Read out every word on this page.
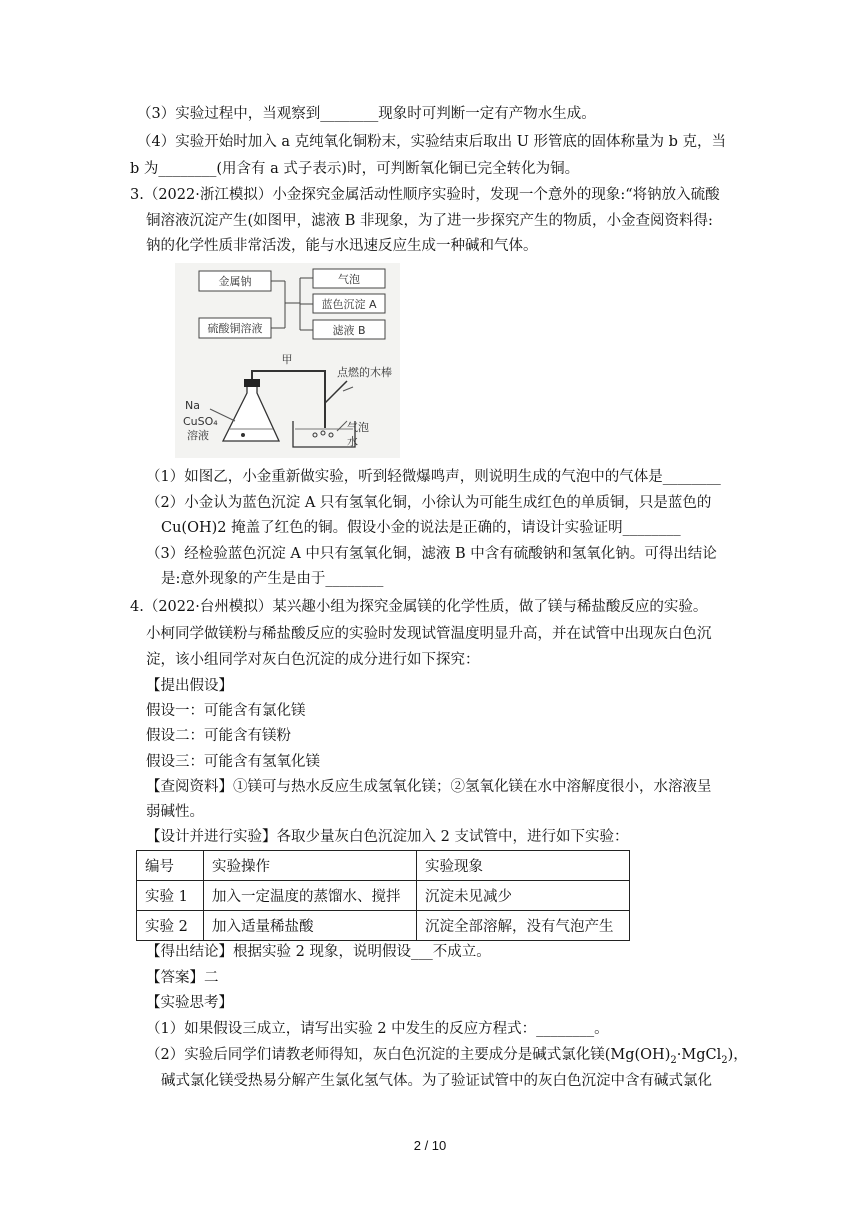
（3）实验过程中，当观察到________现象时可判断一定有产物水生成。
（4）实验开始时加入 a 克纯氧化铜粉末，实验结束后取出 U 形管底的固体称量为 b 克，当
b 为________(用含有 a 式子表示)时，可判断氧化铜已完全转化为铜。
3.（2022·浙江模拟）小金探究金属活动性顺序实验时，发现一个意外的现象:“将钠放入硫酸
铜溶液沉淀产生(如图甲，滤液 B 非现象，为了进一步探究产生的物质，小金查阅资料得:
钠的化学性质非常活泼，能与水迅速反应生成一种碱和气体。
金属钠
硫酸铜溶液
气泡
蓝色沉淀 A
滤液 B
甲
Na
CuSO₄
溶液
点燃的木棒
气泡
水
（1）如图乙，小金重新做实验，听到轻微爆鸣声，则说明生成的气泡中的气体是________
（2）小金认为蓝色沉淀 A 只有氢氧化铜，小徐认为可能生成红色的单质铜，只是蓝色的
Cu(OH)2 掩盖了红色的铜。假设小金的说法是正确的，请设计实验证明________
（3）经检验蓝色沉淀 A 中只有氢氧化铜，滤液 B 中含有硫酸钠和氢氧化钠。可得出结论
是:意外现象的产生是由于________
4.（2022·台州模拟）某兴趣小组为探究金属镁的化学性质，做了镁与稀盐酸反应的实验。
小柯同学做镁粉与稀盐酸反应的实验时发现试管温度明显升高，并在试管中出现灰白色沉
淀，该小组同学对灰白色沉淀的成分进行如下探究：
【提出假设】
假设一：可能含有氯化镁
假设二：可能含有镁粉
假设三：可能含有氢氧化镁
【查阅资料】①镁可与热水反应生成氢氧化镁；②氢氧化镁在水中溶解度很小，水溶液呈
弱碱性。
【设计并进行实验】各取少量灰白色沉淀加入 2 支试管中，进行如下实验：
编号	实验操作	实验现象
实验 1	加入一定温度的蒸馏水、搅拌	沉淀未见减少
实验 2	加入适量稀盐酸	沉淀全部溶解，没有气泡产生
【得出结论】根据实验 2 现象，说明假设___不成立。
【答案】二
【实验思考】
（1）如果假设三成立，请写出实验 2 中发生的反应方程式：________。
（2）实验后同学们请教老师得知，灰白色沉淀的主要成分是碱式氯化镁$(Mg(OH)_2\cdot MgCl_2)$，
碱式氯化镁受热易分解产生氯化氢气体。为了验证试管中的灰白色沉淀中含有碱式氯化
2 / 10
